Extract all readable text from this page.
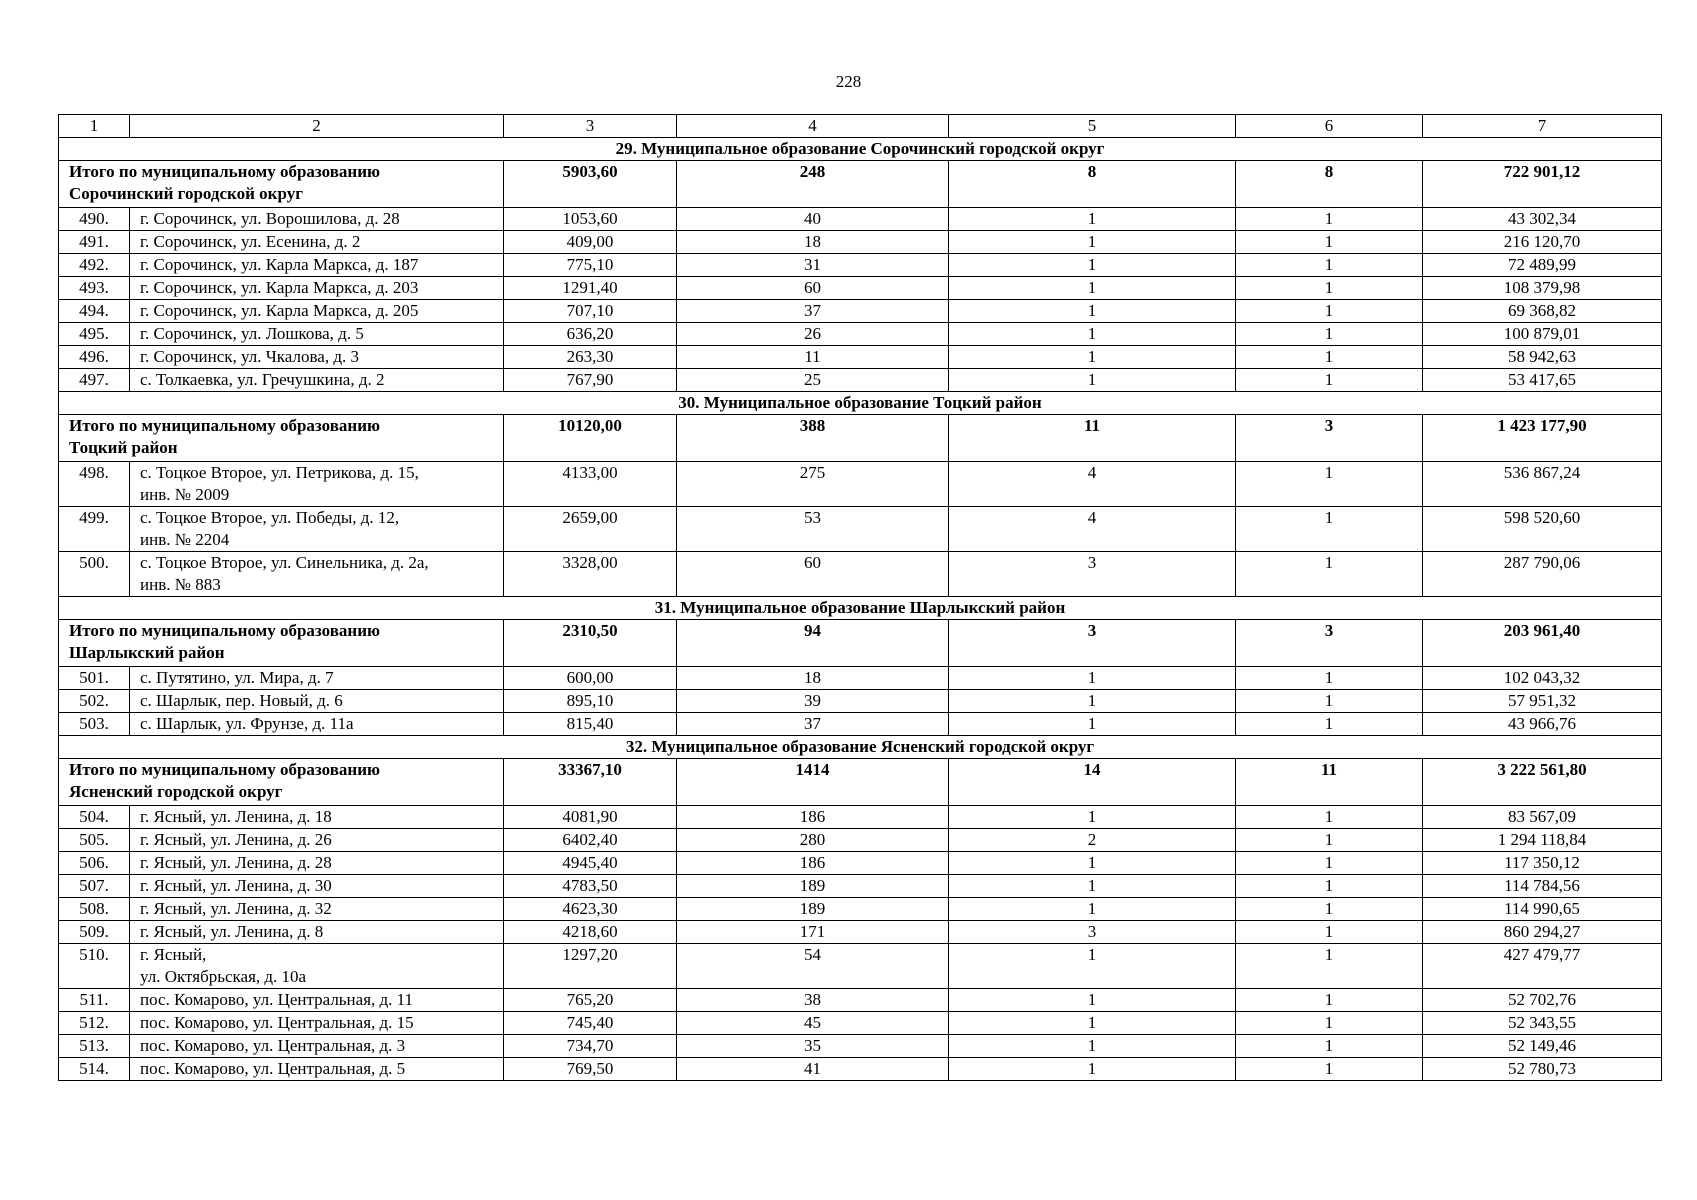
228
1	2	3	4	5	6	7
29. Муниципальное образование Сорочинский городской округ						

Итого по муниципальному образованию
Сорочинский городской округ		5903,60	248	8	8	722 901,12
490.	г. Сорочинск, ул. Ворошилова, д. 28	1053,60	40	1	1	43 302,34
491.	г. Сорочинск, ул. Есенина, д. 2	409,00	18	1	1	216 120,70
492.	г. Сорочинск, ул. Карла Маркса, д. 187	775,10	31	1	1	72 489,99
493.	г. Сорочинск, ул. Карла Маркса, д. 203	1291,40	60	1	1	108 379,98
494.	г. Сорочинск, ул. Карла Маркса, д. 205	707,10	37	1	1	69 368,82
495.	г. Сорочинск, ул. Лошкова, д. 5	636,20	26	1	1	100 879,01
496.	г. Сорочинск, ул. Чкалова, д. 3	263,30	11	1	1	58 942,63
497.	с. Толкаевка, ул. Гречушкина, д. 2	767,90	25	1	1	53 417,65
30. Муниципальное образование Тоцкий район						

Итого по муниципальному образованию
Тоцкий район		10120,00	388	11	3	1 423 177,90
498.	с. Тоцкое Второе, ул. Петрикова, д. 15,
инв. № 2009	4133,00	275	4	1	536 867,24
499.	с. Тоцкое Второе, ул. Победы, д. 12,
инв. № 2204	2659,00	53	4	1	598 520,60
500.	с. Тоцкое Второе, ул. Синельника, д. 2а,
инв. № 883	3328,00	60	3	1	287 790,06
31. Муниципальное образование Шарлыкский район						

Итого по муниципальному образованию
Шарлыкский район		2310,50	94	3	3	203 961,40
501.	с. Путятино, ул. Мира, д. 7	600,00	18	1	1	102 043,32
502.	с. Шарлык, пер. Новый, д. 6	895,10	39	1	1	57 951,32
503.	с. Шарлык, ул. Фрунзе, д. 11а	815,40	37	1	1	43 966,76
32. Муниципальное образование Ясненский городской округ						

Итого по муниципальному образованию
Ясненский городской округ		33367,10	1414	14	11	3 222 561,80
504.	г. Ясный, ул. Ленина, д. 18	4081,90	186	1	1	83 567,09
505.	г. Ясный, ул. Ленина, д. 26	6402,40	280	2	1	1 294 118,84
506.	г. Ясный, ул. Ленина, д. 28	4945,40	186	1	1	117 350,12
507.	г. Ясный, ул. Ленина, д. 30	4783,50	189	1	1	114 784,56
508.	г. Ясный, ул. Ленина, д. 32	4623,30	189	1	1	114 990,65
509.	г. Ясный, ул. Ленина, д. 8	4218,60	171	3	1	860 294,27
510.	г. Ясный,
ул. Октябрьская, д. 10а	1297,20	54	1	1	427 479,77
511.	пос. Комарово, ул. Центральная, д. 11	765,20	38	1	1	52 702,76
512.	пос. Комарово, ул. Центральная, д. 15	745,40	45	1	1	52 343,55
513.	пос. Комарово, ул. Центральная, д. 3	734,70	35	1	1	52 149,46
514.	пос. Комарово, ул. Центральная, д. 5	769,50	41	1	1	52 780,73
